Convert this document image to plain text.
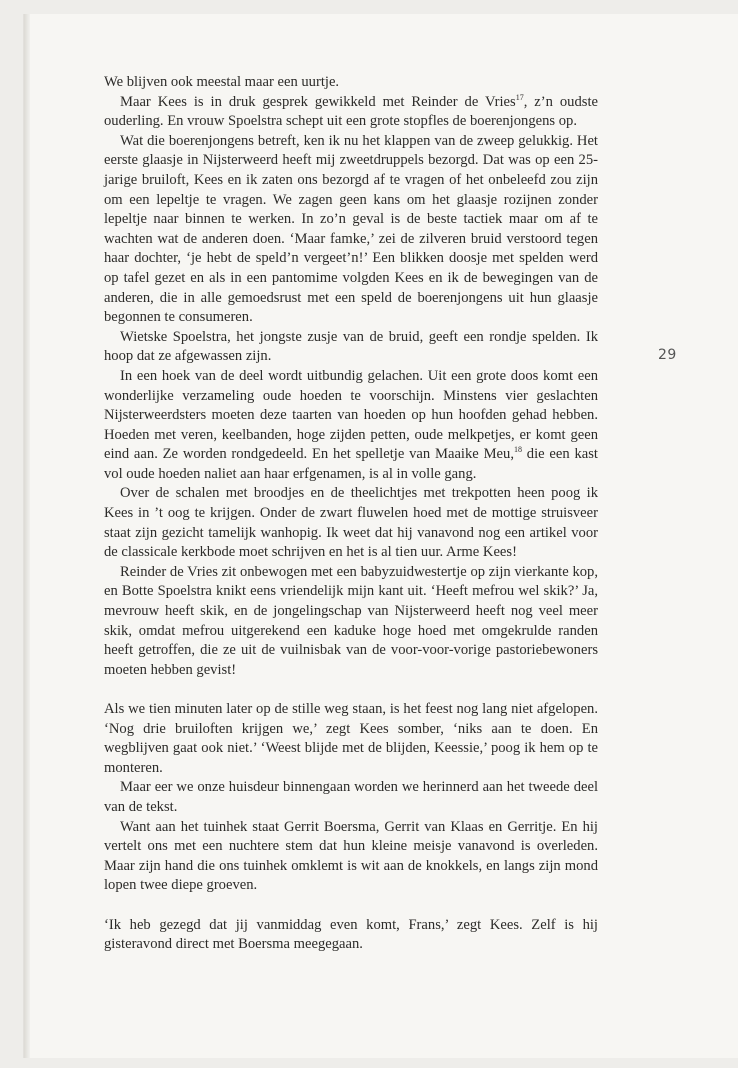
We blijven ook meestal maar een uurtje.

Maar Kees is in druk gesprek gewikkeld met Reinder de Vries$^{17}$, z’n oudste ouderling. En vrouw Spoelstra schept uit een grote stopfles de boerenjongens op.

Wat die boerenjongens betreft, ken ik nu het klappen van de zweep gelukkig. Het eerste glaasje in Nijsterweerd heeft mij zweetdruppels bezorgd. Dat was op een 25-jarige bruiloft, Kees en ik zaten ons bezorgd af te vragen of het onbeleefd zou zijn om een lepeltje te vragen. We zagen geen kans om het glaasje rozijnen zonder lepeltje naar binnen te werken. In zo’n geval is de beste tactiek maar om af te wachten wat de anderen doen. ‘Maar famke,’ zei de zilveren bruid verstoord tegen haar dochter, ‘je hebt de speld’n vergeet’n!’ Een blikken doosje met spelden werd op tafel gezet en als in een pantomime volgden Kees en ik de bewegingen van de anderen, die in alle gemoedsrust met een speld de boerenjongens uit hun glaasje begonnen te consumeren.

Wietske Spoelstra, het jongste zusje van de bruid, geeft een rondje spelden. Ik hoop dat ze afgewassen zijn.

In een hoek van de deel wordt uitbundig gelachen. Uit een grote doos komt een wonderlijke verzameling oude hoeden te voorschijn. Minstens vier geslachten Nijsterweerdsters moeten deze taarten van hoeden op hun hoofden gehad hebben. Hoeden met veren, keelbanden, hoge zijden petten, oude melkpetjes, er komt geen eind aan. Ze worden rondgedeeld. En het spelletje van Maaike Meu,$^{18}$ die een kast vol oude hoeden naliet aan haar erfgenamen, is al in volle gang.

Over de schalen met broodjes en de theelichtjes met trekpotten heen poog ik Kees in ’t oog te krijgen. Onder de zwart fluwelen hoed met de mottige struisveer staat zijn gezicht tamelijk wanhopig. Ik weet dat hij vanavond nog een artikel voor de classicale kerkbode moet schrijven en het is al tien uur. Arme Kees!

Reinder de Vries zit onbewogen met een babyzuidwestertje op zijn vierkante kop, en Botte Spoelstra knikt eens vriendelijk mijn kant uit. ‘Heeft mefrou wel skik?’ Ja, mevrouw heeft skik, en de jongelingschap van Nijsterweerd heeft nog veel meer skik, omdat mefrou uitgerekend een kaduke hoge hoed met omgekrulde randen heeft getroffen, die ze uit de vuilnisbak van de voor-voor-vorige pastoriebewoners moeten hebben gevist!

Als we tien minuten later op de stille weg staan, is het feest nog lang niet afgelopen. ‘Nog drie bruiloften krijgen we,’ zegt Kees somber, ‘niks aan te doen. En wegblijven gaat ook niet.’ ‘Weest blijde met de blijden, Keessie,’ poog ik hem op te monteren.

Maar eer we onze huisdeur binnengaan worden we herinnerd aan het tweede deel van de tekst.

Want aan het tuinhek staat Gerrit Boersma, Gerrit van Klaas en Gerritje. En hij vertelt ons met een nuchtere stem dat hun kleine meisje vanavond is overleden. Maar zijn hand die ons tuinhek omklemt is wit aan de knokkels, en langs zijn mond lopen twee diepe groeven.

‘Ik heb gezegd dat jij vanmiddag even komt, Frans,’ zegt Kees. Zelf is hij gisteravond direct met Boersma meegegaan.

29
